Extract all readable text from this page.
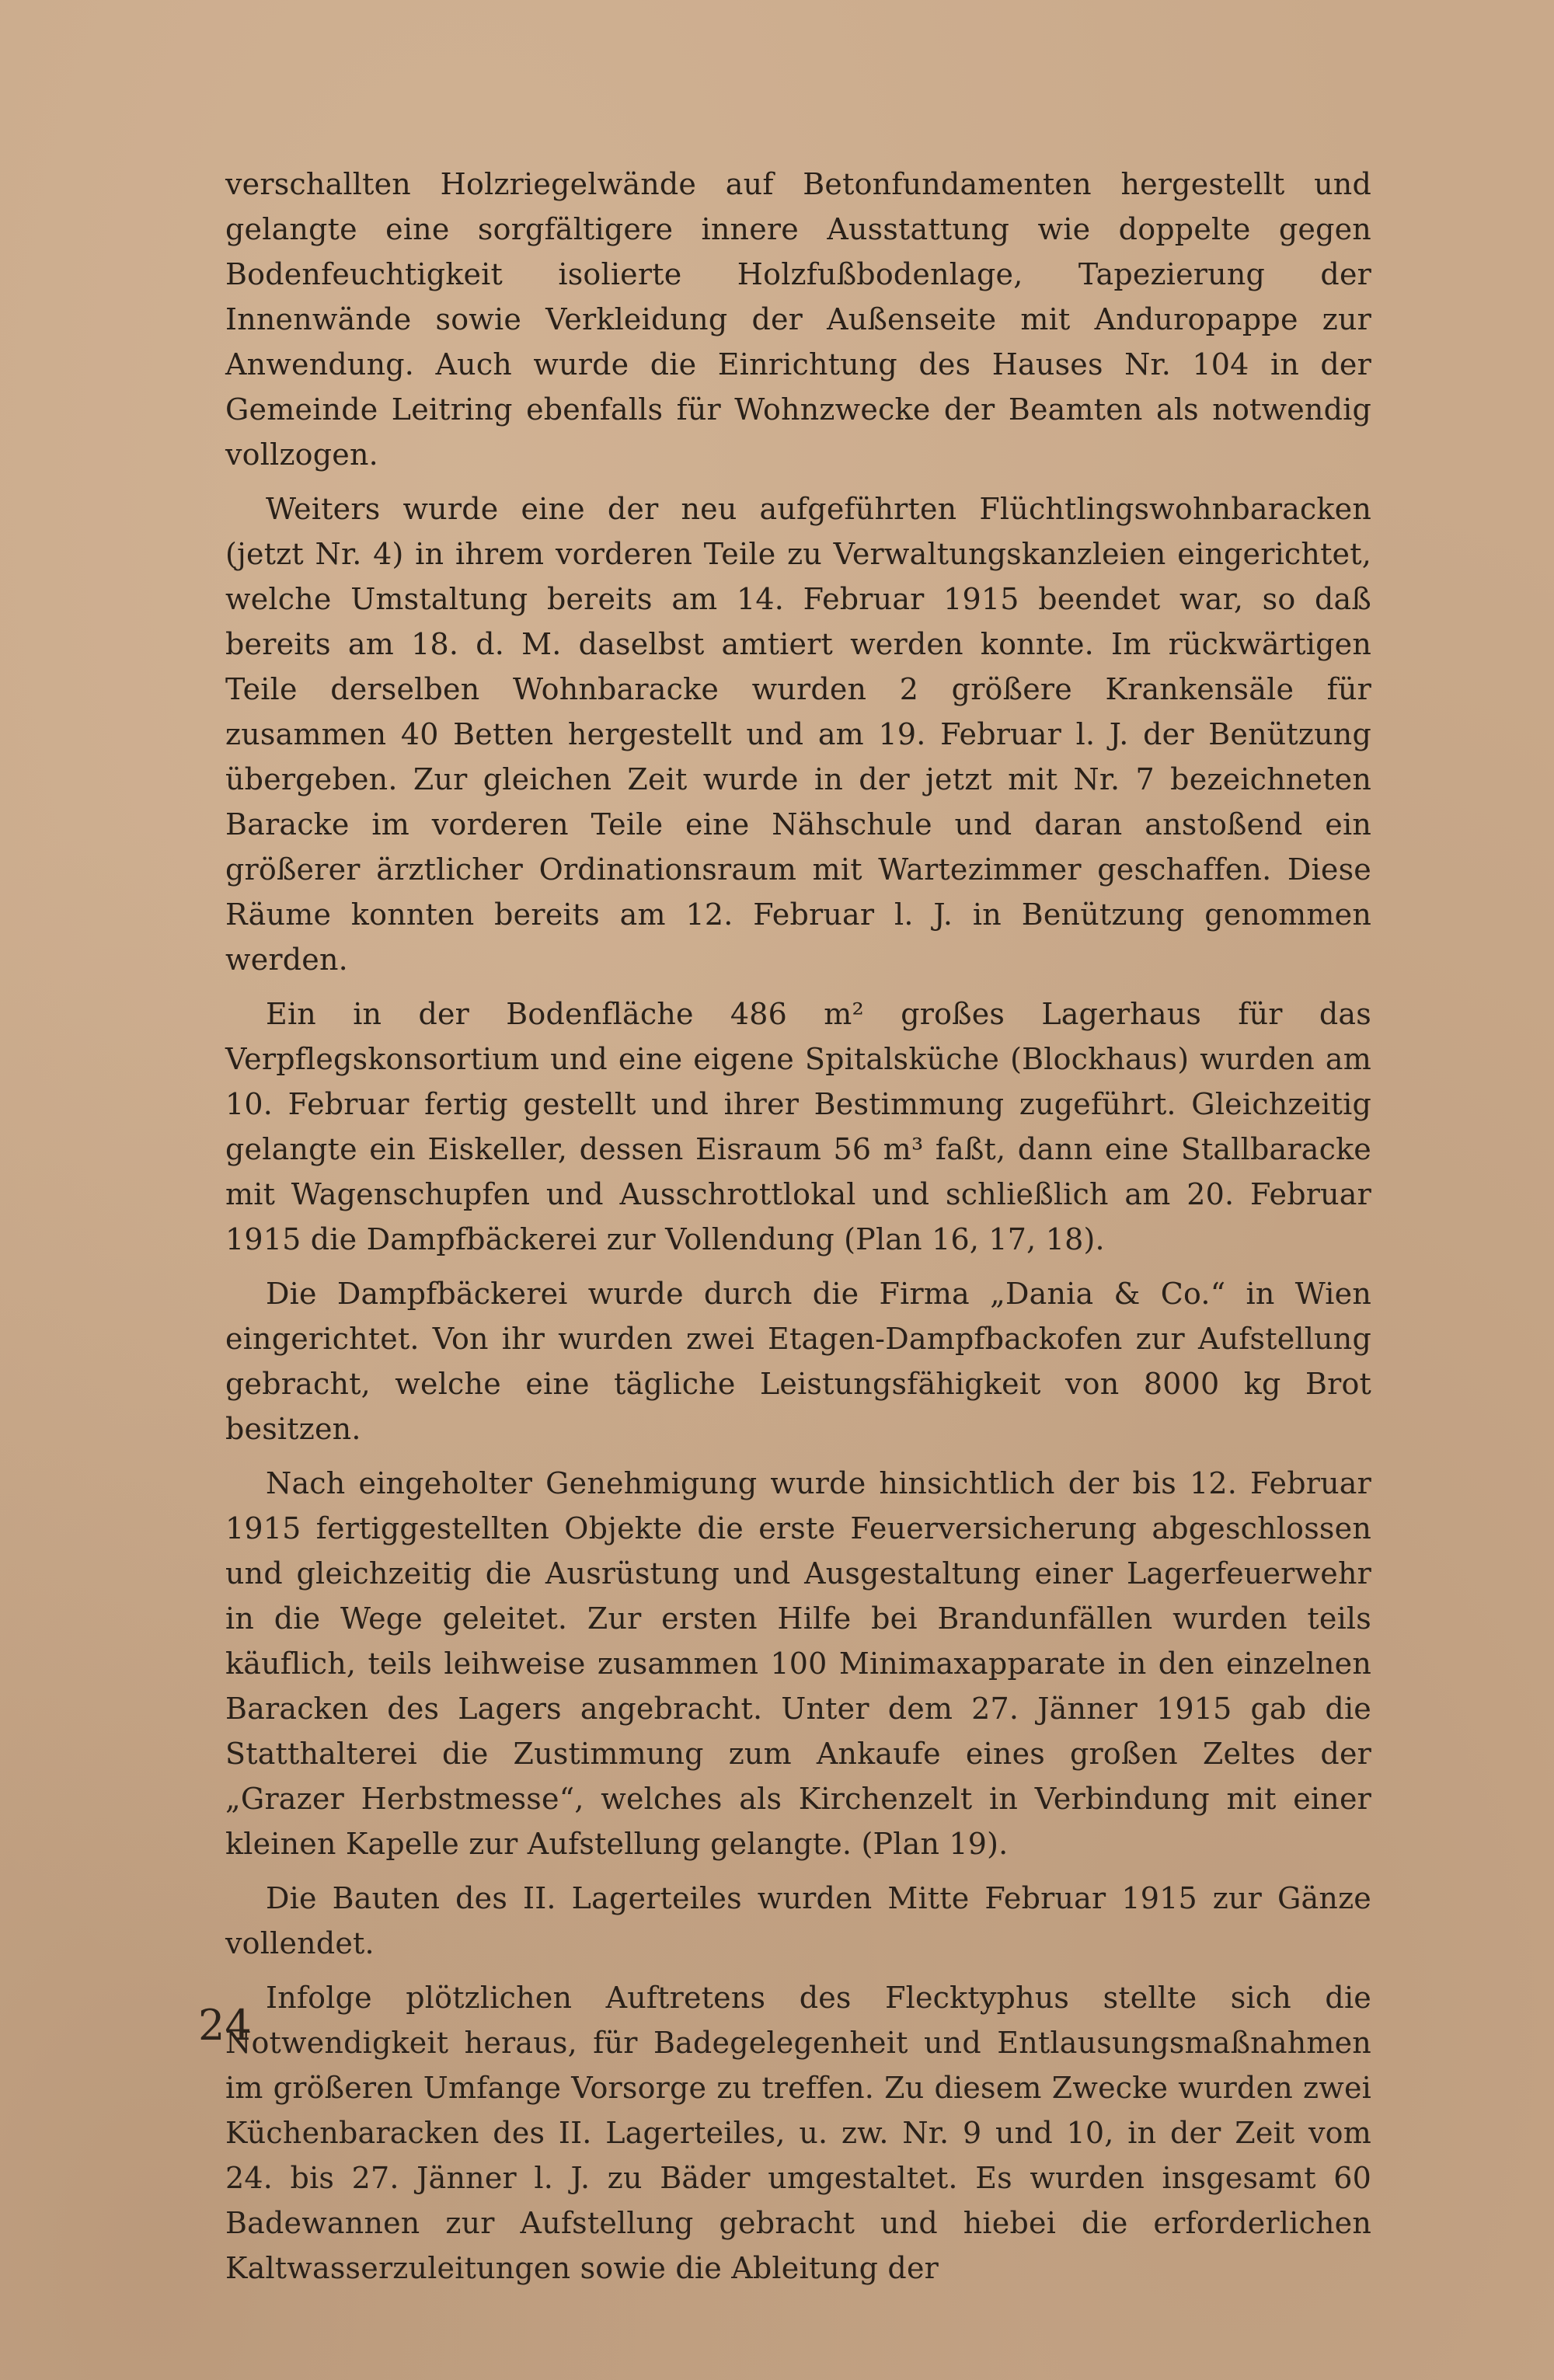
verschallten Holzriegelwände auf Betonfundamenten hergestellt und gelangte eine sorgfältigere innere Ausstattung wie doppelte gegen Bodenfeuchtigkeit isolierte Holzfußbodenlage, Tapezierung der Innenwände sowie Verkleidung der Außenseite mit Anduropappe zur Anwendung. Auch wurde die Einrichtung des Hauses Nr. 104 in der Gemeinde Leitring ebenfalls für Wohnzwecke der Beamten als notwendig vollzogen.

Weiters wurde eine der neu aufgeführten Flüchtlingswohnbaracken (jetzt Nr. 4) in ihrem vorderen Teile zu Verwaltungskanzleien eingerichtet, welche Umstaltung bereits am 14. Februar 1915 beendet war, so daß bereits am 18. d. M. daselbst amtiert werden konnte. Im rückwärtigen Teile derselben Wohnbaracke wurden 2 größere Krankensäle für zusammen 40 Betten hergestellt und am 19. Februar l. J. der Benützung übergeben. Zur gleichen Zeit wurde in der jetzt mit Nr. 7 bezeichneten Baracke im vorderen Teile eine Nähschule und daran anstoßend ein größerer ärztlicher Ordinationsraum mit Wartezimmer geschaffen. Diese Räume konnten bereits am 12. Februar l. J. in Benützung genommen werden.

Ein in der Bodenfläche 486 m² großes Lagerhaus für das Verpflegskonsortium und eine eigene Spitalsküche (Blockhaus) wurden am 10. Februar fertig gestellt und ihrer Bestimmung zugeführt. Gleichzeitig gelangte ein Eiskeller, dessen Eisraum 56 m³ faßt, dann eine Stallbaracke mit Wagenschupfen und Ausschrottlokal und schließlich am 20. Februar 1915 die Dampfbäckerei zur Vollendung (Plan 16, 17, 18).

Die Dampfbäckerei wurde durch die Firma „Dania & Co.“ in Wien eingerichtet. Von ihr wurden zwei Etagen-Dampfbackofen zur Aufstellung gebracht, welche eine tägliche Leistungsfähigkeit von 8000 kg Brot besitzen.

Nach eingeholter Genehmigung wurde hinsichtlich der bis 12. Februar 1915 fertiggestellten Objekte die erste Feuerversicherung abgeschlossen und gleichzeitig die Ausrüstung und Ausgestaltung einer Lagerfeuerwehr in die Wege geleitet. Zur ersten Hilfe bei Brandunfällen wurden teils käuflich, teils leihweise zusammen 100 Minimaxapparate in den einzelnen Baracken des Lagers angebracht. Unter dem 27. Jänner 1915 gab die Statthalterei die Zustimmung zum Ankaufe eines großen Zeltes der „Grazer Herbstmesse“, welches als Kirchenzelt in Verbindung mit einer kleinen Kapelle zur Aufstellung gelangte. (Plan 19).

Die Bauten des II. Lagerteiles wurden Mitte Februar 1915 zur Gänze vollendet.

Infolge plötzlichen Auftretens des Flecktyphus stellte sich die Notwendigkeit heraus, für Badegelegenheit und Entlausungsmaßnahmen im größeren Umfange Vorsorge zu treffen. Zu diesem Zwecke wurden zwei Küchenbaracken des II. Lagerteiles, u. zw. Nr. 9 und 10, in der Zeit vom 24. bis 27. Jänner l. J. zu Bäder umgestaltet. Es wurden insgesamt 60 Badewannen zur Aufstellung gebracht und hiebei die erforderlichen Kaltwasserzuleitungen sowie die Ableitung der

24
